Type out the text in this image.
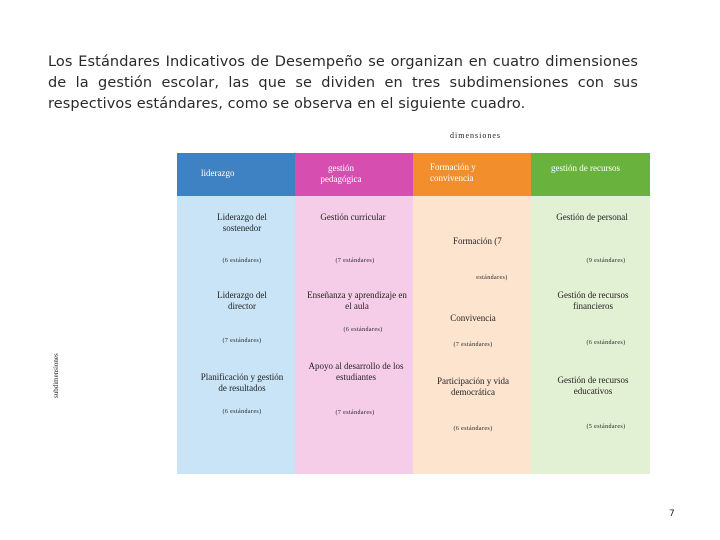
Los Estándares Indicativos de Desempeño se organizan en cuatro dimensiones de la gestión escolar, las que se dividen en tres subdimensiones con sus respectivos estándares, como se observa en el siguiente cuadro.
dimensiones
liderazgo	gestión pedagógica
Formación y convivencia
gestión de recursos
Liderazgo del sostenedor
(6 estándares)
Liderazgo del director
(7 estándares)
Planificación y gestión de resultados
(6 estándares)
Gestión curricular
(7 estándares)
Enseñanza y aprendizaje en el aula
(6 estándares)
Apoyo al desarrollo de los estudiantes
(7 estándares)
Formación (7
estándares)
Convivencia
(7 estándares)
Participación y vida democrática
(6 estándares)
Gestión de personal
(9 estándares)
Gestión de recursos financieros
(6 estándares)
Gestión de recursos educativos
(5 estándares)
subdimensiones
7
